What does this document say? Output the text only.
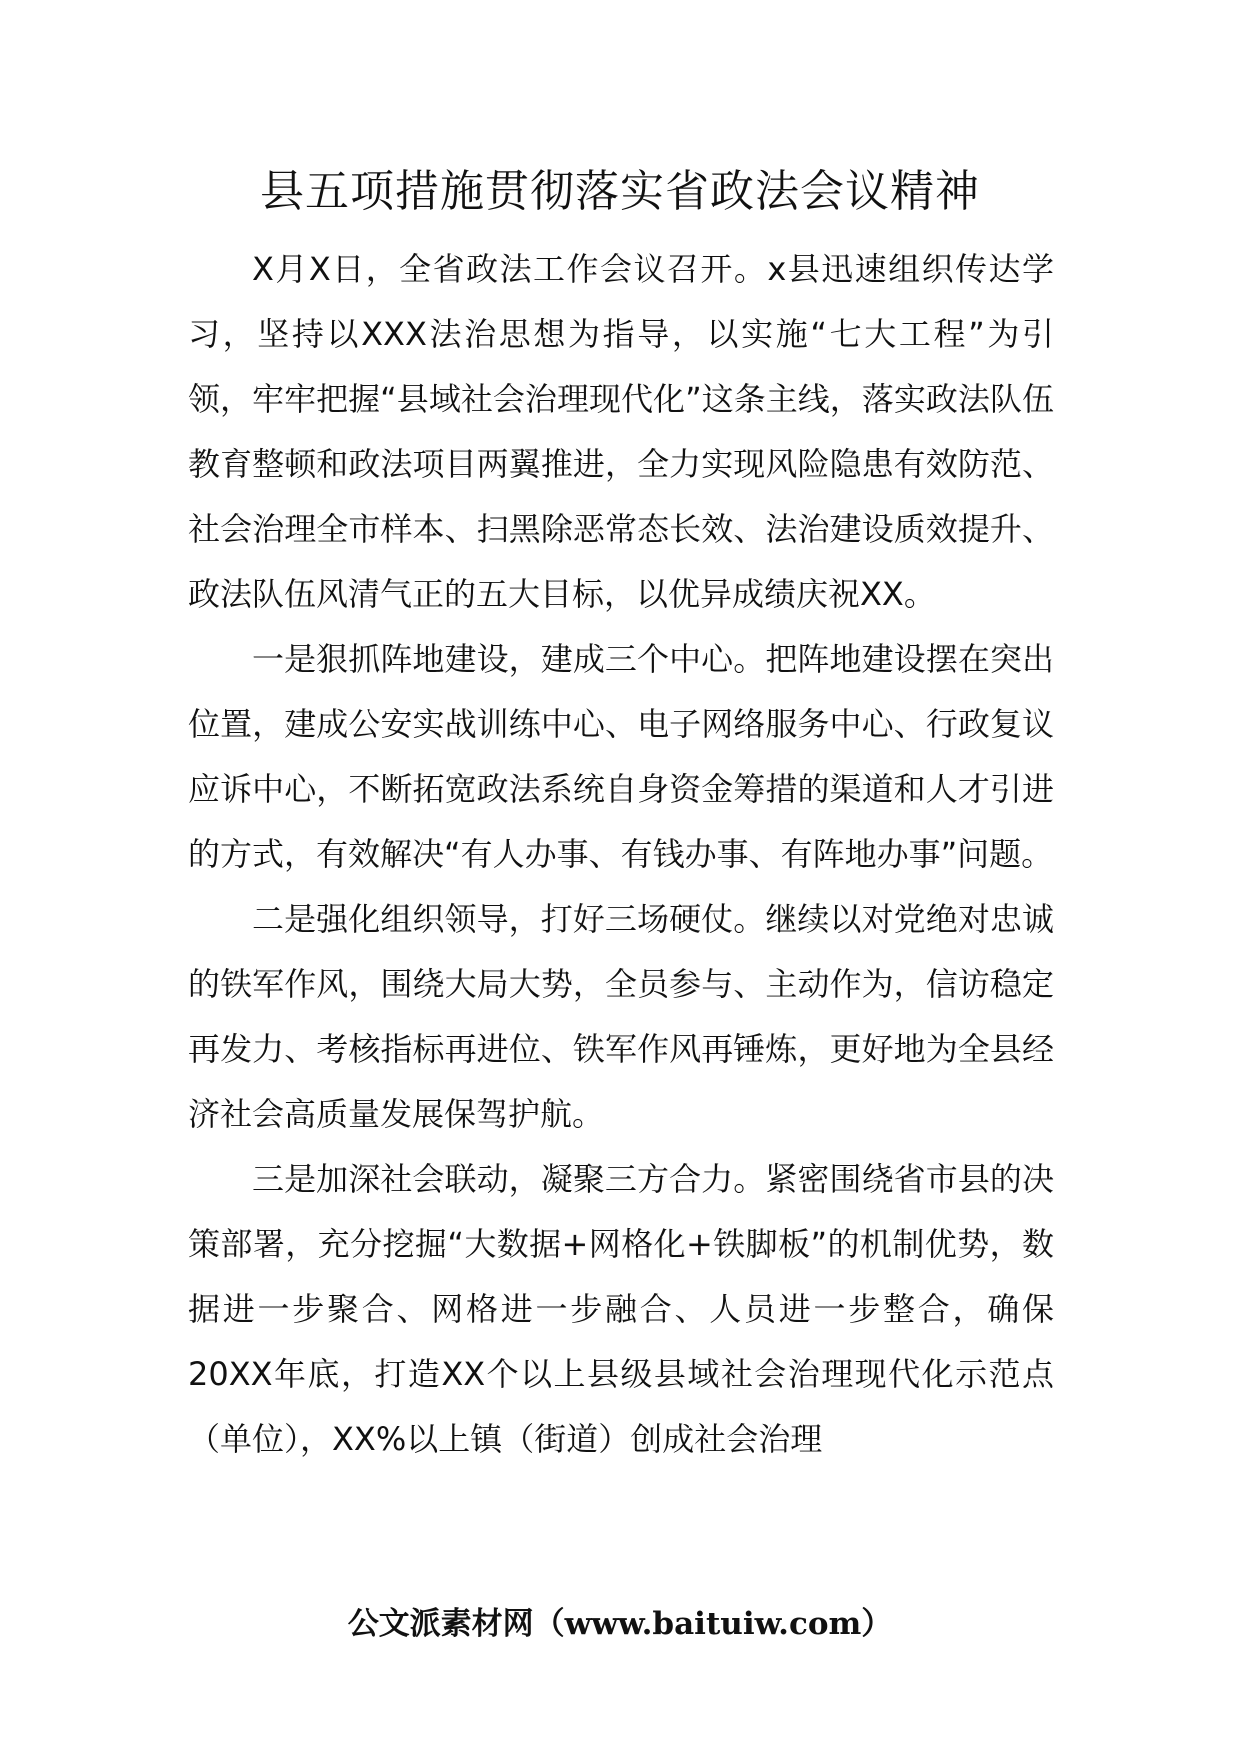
县五项措施贯彻落实省政法会议精神

X月X日，全省政法工作会议召开。x县迅速组织传达学习，坚持以XXX法治思想为指导，以实施“七大工程”为引领，牢牢把握“县域社会治理现代化”这条主线，落实政法队伍教育整顿和政法项目两翼推进，全力实现风险隐患有效防范、社会治理全市样本、扫黑除恶常态长效、法治建设质效提升、政法队伍风清气正的五大目标，以优异成绩庆祝XX。

一是狠抓阵地建设，建成三个中心。把阵地建设摆在突出位置，建成公安实战训练中心、电子网络服务中心、行政复议应诉中心，不断拓宽政法系统自身资金筹措的渠道和人才引进的方式，有效解决“有人办事、有钱办事、有阵地办事”问题。

二是强化组织领导，打好三场硬仗。继续以对党绝对忠诚的铁军作风，围绕大局大势，全员参与、主动作为，信访稳定再发力、考核指标再进位、铁军作风再锤炼，更好地为全县经济社会高质量发展保驾护航。

三是加深社会联动，凝聚三方合力。紧密围绕省市县的决策部署，充分挖掘“大数据+网格化+铁脚板”的机制优势，数据进一步聚合、网格进一步融合、人员进一步整合，确保20XX年底，打造XX个以上县级县域社会治理现代化示范点（单位），XX%以上镇（街道）创成社会治理

公文派素材网（www.baituiw.com）
